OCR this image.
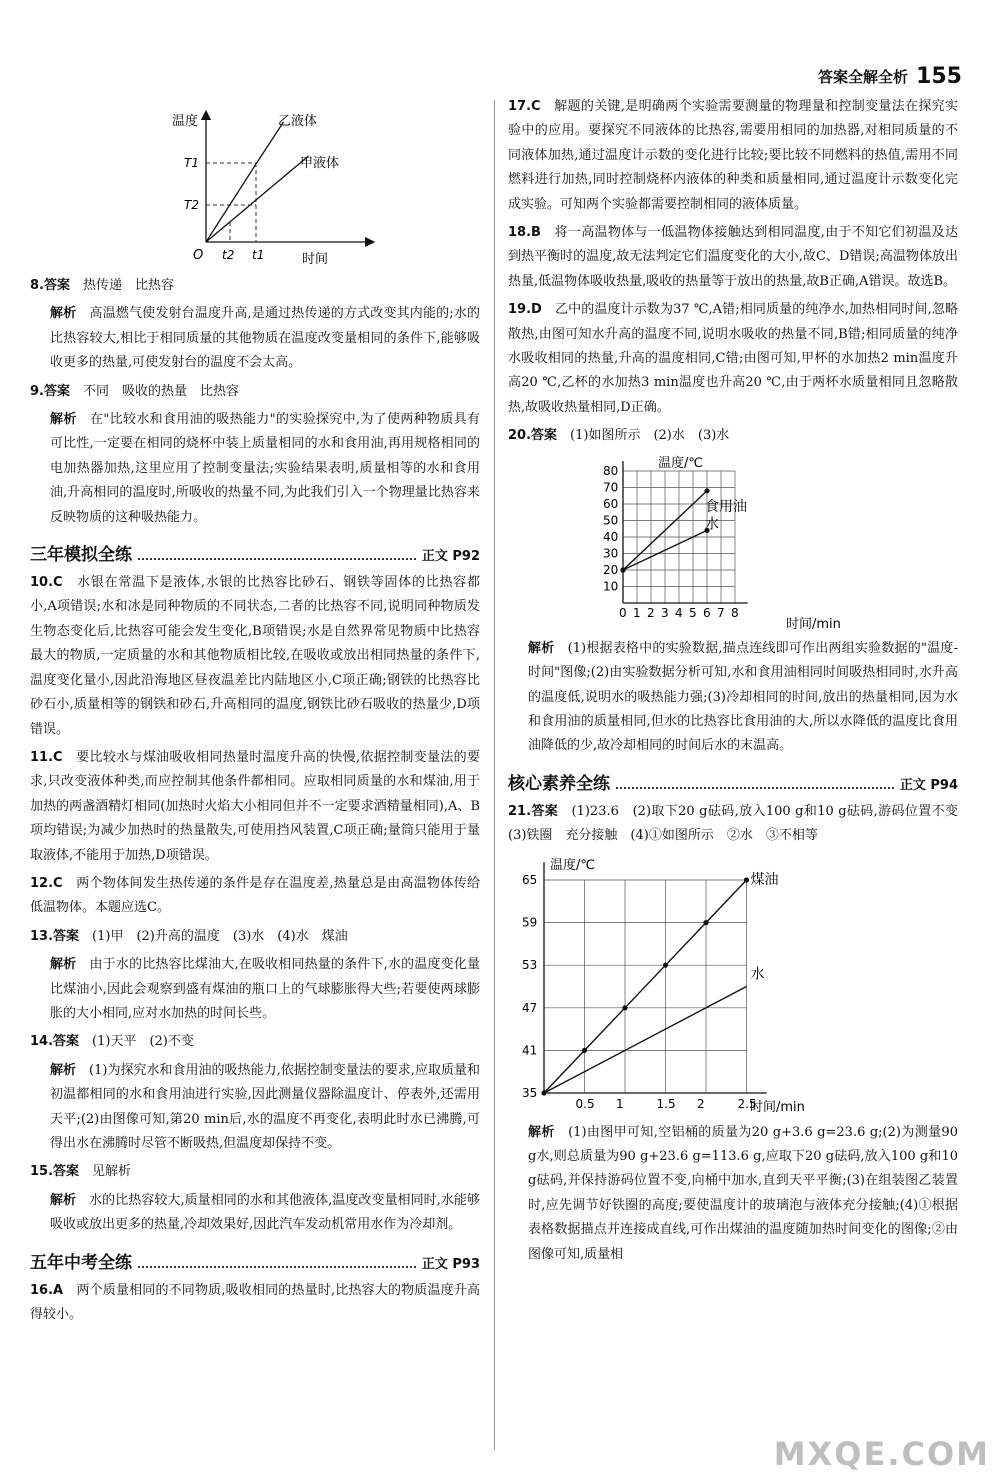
答案全解全析 155
温度
时间
O
T1
T2
t2 t1
乙液体
甲液体

8.答案　 热传递　比热容

解析　 高温燃气使发射台温度升高,是通过热传递的方式改变其内能的;水的比热容较大,相比于相同质量的其他物质在温度改变量相同的条件下,能够吸收更多的热量,可使发射台的温度不会太高。

9.答案　 不同　吸收的热量　比热容

解析　 在"比较水和食用油的吸热能力"的实验探究中,为了使两种物质具有可比性,一定要在相同的烧杯中装上质量相同的水和食用油,再用规格相同的电加热器加热,这里应用了控制变量法;实验结果表明,质量相等的水和食用油,升高相同的温度时,所吸收的热量不同,为此我们引入一个物理量比热容来反映物质的这种吸热能力。

三年模拟全练	正文 P92

10.C　 水银在常温下是液体,水银的比热容比砂石、钢铁等固体的比热容都小,A项错误;水和冰是同种物质的不同状态,二者的比热容不同,说明同种物质发生物态变化后,比热容可能会发生变化,B项错误;水是自然界常见物质中比热容最大的物质,一定质量的水和其他物质相比较,在吸收或放出相同热量的条件下,温度变化量小,因此沿海地区昼夜温差比内陆地区小,C项正确;钢铁的比热容比砂石小,质量相等的钢铁和砂石,升高相同的温度,钢铁比砂石吸收的热量少,D项错误。

11.C　 要比较水与煤油吸收相同热量时温度升高的快慢,依据控制变量法的要求,只改变液体种类,而应控制其他条件都相同。应取相同质量的水和煤油,用于加热的两盏酒精灯相同(加热时火焰大小相同但并不一定要求酒精量相同),A、B项均错误;为减少加热时的热量散失,可使用挡风装置,C项正确;量筒只能用于量取液体,不能用于加热,D项错误。

12.C　 两个物体间发生热传递的条件是存在温度差,热量总是由高温物体传给低温物体。本题应选C。

13.答案　 (1)甲　(2)升高的温度　(3)水　(4)水　煤油

解析　 由于水的比热容比煤油大,在吸收相同热量的条件下,水的温度变化量比煤油小,因此会观察到盛有煤油的瓶口上的气球膨胀得大些;若要使两球膨胀的大小相同,应对水加热的时间长些。

14.答案　 (1)天平　(2)不变

解析　 (1)为探究水和食用油的吸热能力,依据控制变量法的要求,应取质量和初温都相同的水和食用油进行实验,因此测量仪器除温度计、停表外,还需用天平;(2)由图像可知,第20 min后,水的温度不再变化,表明此时水已沸腾,可得出水在沸腾时尽管不断吸热,但温度却保持不变。

15.答案　 见解析

解析　 水的比热容较大,质量相同的水和其他液体,温度改变量相同时,水能够吸收或放出更多的热量,冷却效果好,因此汽车发动机常用水作为冷却剂。

五年中考全练	正文 P93

16.A　 两个质量相同的不同物质,吸收相同的热量时,比热容大的物质温度升高得较小。

17.C　 解题的关键,是明确两个实验需要测量的物理量和控制变量法在探究实验中的应用。要探究不同液体的比热容,需要用相同的加热器,对相同质量的不同液体加热,通过温度计示数的变化进行比较;要比较不同燃料的热值,需用不同燃料进行加热,同时控制烧杯内液体的种类和质量相同,通过温度计示数变化完成实验。可知两个实验都需要控制相同的液体质量。

18.B　 将一高温物体与一低温物体接触达到相同温度,由于不知它们初温及达到热平衡时的温度,故无法判定它们温度变化的大小,故C、D错误;高温物体放出热量,低温物体吸收热量,吸收的热量等于放出的热量,故B正确,A错误。故选B。

19.D　 乙中的温度计示数为37 ℃,A错;相同质量的纯净水,加热相同时间,忽略散热,由图可知水升高的温度不同,说明水吸收的热量不同,B错;相同质量的纯净水吸收相同的热量,升高的温度相同,C错;由图可知,甲杯的水加热2 min温度升高20 ℃,乙杯的水加热3 min温度也升高20 ℃,由于两杯水质量相同且忽略散热,故吸收热量相同,D正确。

20.答案　 (1)如图所示　(2)水　(3)水

温度/℃
时间/min
0 1 2 3 4 5 6 7 8
10
20
30
40
50
60
70
80
食用油
水

解析　 (1)根据表格中的实验数据,描点连线即可作出两组实验数据的"温度-时间"图像;(2)由实验数据分析可知,水和食用油相同时间吸热相同时,水升高的温度低,说明水的吸热能力强;(3)冷却相同的时间,放出的热量相同,因为水和食用油的质量相同,但水的比热容比食用油的大,所以水降低的温度比食用油降低的少,故冷却相同的时间后水的末温高。

核心素养全练	正文 P94

21.答案　 (1)23.6　(2)取下20 g砝码,放入100 g和10 g砝码,游码位置不变　(3)铁圈　充分接触　(4)①如图所示　②水　③不相等

温度/℃
时间/min
0.5 1	1.5 2	2.5
35
41
47
53
59
65	煤油
水

解析　 (1)由图甲可知,空铝桶的质量为20 g+3.6 g=23.6 g;(2)为测量90 g水,则总质量为90 g+23.6 g=113.6 g,应取下20 g砝码,放入100 g和10 g砝码,并保持游码位置不变,向桶中加水,直到天平平衡;(3)在组装图乙装置时,应先调节好铁圈的高度;要使温度计的玻璃泡与液体充分接触;(4)①根据表格数据描点并连接成直线,可作出煤油的温度随加热时间变化的图像;②由图像可知,质量相

MXQE.COM
